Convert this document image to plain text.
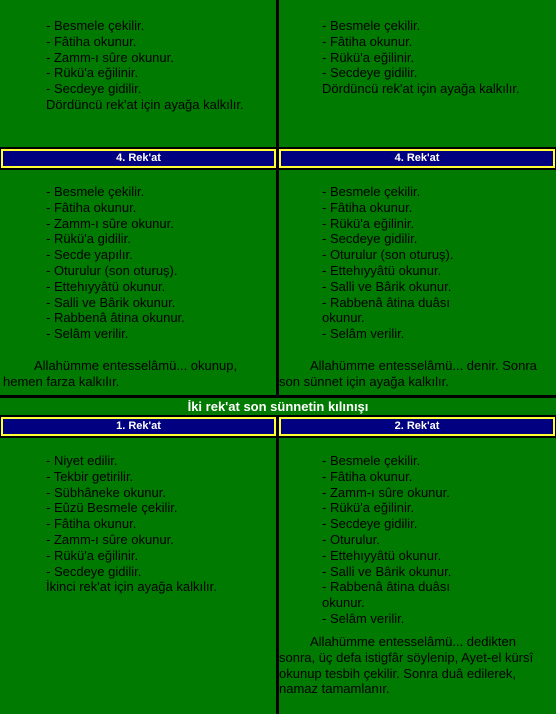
- Besmele çekilir.
- Fâtiha okunur.
- Zamm-ı sûre okunur.
- Rükü'a eğilinir.
- Secdeye gidilir.
Dördüncü rek'at için ayağa kalkılır.
- Besmele çekilir.
- Fâtiha okunur.
- Rükü'a eğilinir.
- Secdeye gidilir.
Dördüncü rek'at için ayağa kalkılır.
4. Rek'at	4. Rek'at
- Besmele çekilir.
- Fâtiha okunur.
- Zamm-ı sûre okunur.
- Rükü'a gidilir.
- Secde yapılır.
- Oturulur (son oturuş).
- Ettehıyyâtü okunur.
- Salli ve Bârik okunur.
- Rabbenâ âtina okunur.
- Selâm verilir.

Allahümme entesselâmü... okunup, hemen farza kalkılır.

- Besmele çekilir.
- Fâtiha okunur.
- Rükü'a eğilinir.
- Secdeye gidilir.
- Oturulur (son oturuş).
- Ettehıyyâtü okunur.
- Salli ve Bârik okunur.
- Rabbenâ âtina duâsı okunur.
- Selâm verilir.

Allahümme entesselâmü... denir. Sonra son sünnet için ayağa kalkılır.

İki rek'at son sünnetin kılınışı
1. Rek'at	2. Rek'at
- Niyet edilir.
- Tekbir getirilir.
- Sübhâneke okunur.
- Eûzü Besmele çekilir.
- Fâtiha okunur.
- Zamm-ı sûre okunur.
- Rükü'a eğilinir.
- Secdeye gidilir.
İkinci rek'at için ayağa kalkılır.
- Besmele çekilir.
- Fâtiha okunur.
- Zamm-ı sûre okunur.
- Rükü'a eğilinir.
- Secdeye gidilir.
- Oturulur.
- Ettehıyyâtü okunur.
- Salli ve Bârik okunur.
- Rabbenâ âtina duâsı okunur.
- Selâm verilir.

Allahümme entesselâmü... dedikten sonra, üç defa istigfâr söylenip, Ayet-el kürsî okunup tesbih çekilir. Sonra duâ edilerek, namaz tamamlanır.
